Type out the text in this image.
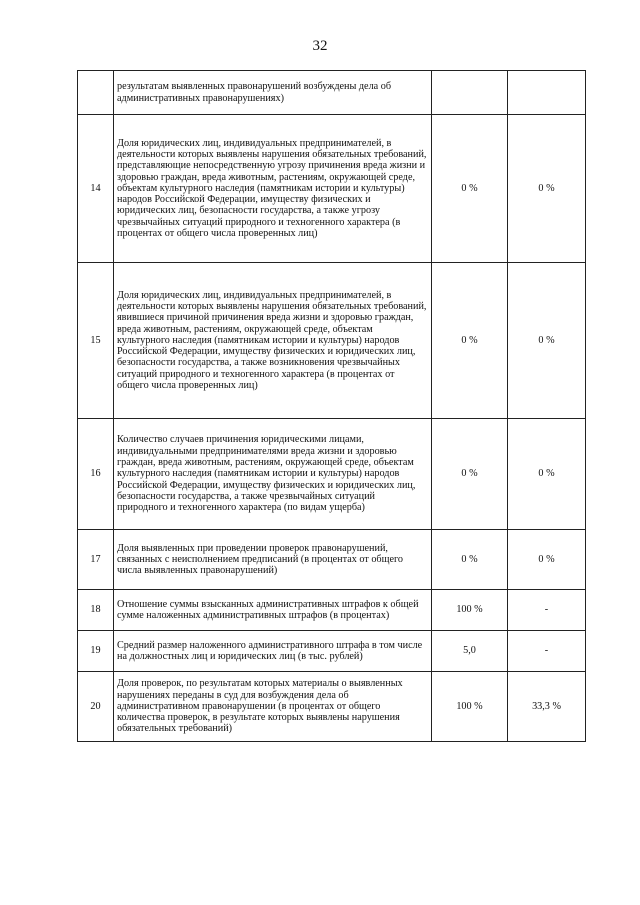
32
	результатам выявленных правонарушений возбуждены дела об административных правонарушениях)		
14	Доля юридических лиц, индивидуальных предпринимателей, в деятельности которых выявлены нарушения обязательных требований, представляющие непосредственную угрозу причинения вреда жизни и здоровью граждан, вреда животным, растениям, окружающей среде, объектам культурного наследия (памятникам истории и культуры) народов Российской Федерации, имуществу физических и юридических лиц, безопасности государства, а также угрозу чрезвычайных ситуаций природного и техногенного характера (в процентах от общего числа проверенных лиц)	0 %	0 %
15	Доля юридических лиц, индивидуальных предпринимателей, в деятельности которых выявлены нарушения обязательных требований, явившиеся причиной причинения вреда жизни и здоровью граждан, вреда животным, растениям, окружающей среде, объектам культурного наследия (памятникам истории и культуры) народов Российской Федерации, имуществу физических и юридических лиц, безопасности государства, а также возникновения чрезвычайных ситуаций природного и техногенного характера (в процентах от общего числа проверенных лиц)	0 %	0 %
16	Количество случаев причинения юридическими лицами, индивидуальными предпринимателями вреда жизни и здоровью граждан, вреда животным, растениям, окружающей среде, объектам культурного наследия (памятникам истории и культуры) народов Российской Федерации, имуществу физических и юридических лиц, безопасности государства, а также чрезвычайных ситуаций природного и техногенного характера (по видам ущерба)	0 %	0 %
17	Доля выявленных при проведении проверок правонарушений, связанных с неисполнением предписаний (в процентах от общего числа выявленных правонарушений)	0 %	0 %
18	Отношение суммы взысканных административных штрафов к общей сумме наложенных административных штрафов (в процентах)	100 %	-
19	Средний размер наложенного административного штрафа в том числе на должностных лиц и юридических лиц (в тыс. рублей)	5,0	-
20	Доля проверок, по результатам которых материалы о выявленных нарушениях переданы в суд для возбуждения дела об административном правонарушении (в процентах от общего количества проверок, в результате которых выявлены нарушения обязательных требований)	100 %	33,3 %
